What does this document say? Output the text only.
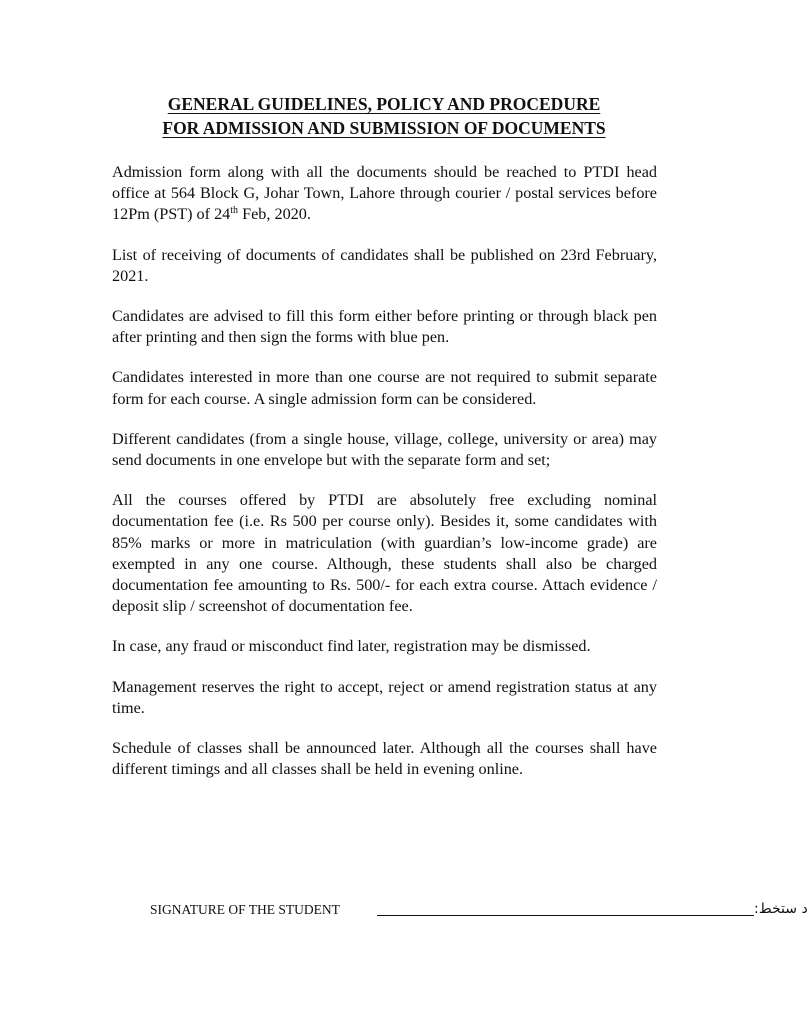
GENERAL GUIDELINES, POLICY AND PROCEDURE
FOR ADMISSION AND SUBMISSION OF DOCUMENTS

Admission form along with all the documents should be reached to PTDI head office at 564 Block G, Johar Town, Lahore through courier / postal services before 12Pm (PST) of 24th Feb, 2020.

List of receiving of documents of candidates shall be published on 23rd February, 2021.

Candidates are advised to fill this form either before printing or through black pen after printing and then sign the forms with blue pen.

Candidates interested in more than one course are not required to submit separate form for each course. A single admission form can be considered.

Different candidates (from a single house, village, college, university or area) may send documents in one envelope but with the separate form and set;

All the courses offered by PTDI are absolutely free excluding nominal documentation fee (i.e. Rs 500 per course only). Besides it, some candidates with 85% marks or more in matriculation (with guardian’s low-income grade) are exempted in any one course. Although, these students shall also be charged documentation fee amounting to Rs. 500/- for each extra course. Attach evidence / deposit slip / screenshot of documentation fee.

In case, any fraud or misconduct find later, registration may be dismissed.

Management reserves the right to accept, reject or amend registration status at any time.

Schedule of classes shall be announced later. Although all the courses shall have different timings and all classes shall be held in evening online.

SIGNATURE OF THE STUDENT	د ستخط:
